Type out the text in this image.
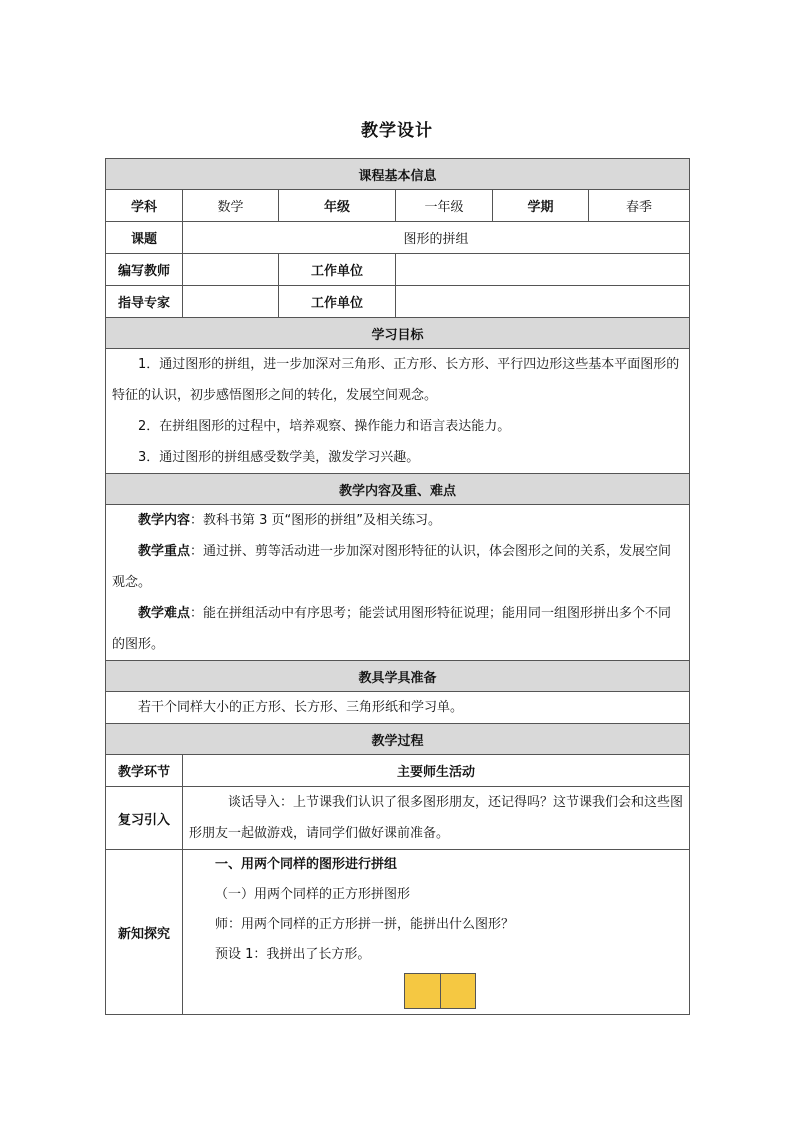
教学设计
课程基本信息					
学科	数学	年级	一年级	学期	春季
课题	图形的拼组				
编写教师		工作单位			
指导专家		工作单位			
学习目标					

1．通过图形的拼组，进一步加深对三角形、正方形、长方形、平行四边形这些基本平面图形的特征的认识，初步感悟图形之间的转化，发展空间观念。

2．在拼组图形的过程中，培养观察、操作能力和语言表达能力。

3．通过图形的拼组感受数学美，激发学习兴趣。					

教学内容及重、难点					

教学内容：教科书第 3 页“图形的拼组”及相关练习。

教学重点：通过拼、剪等活动进一步加深对图形特征的认识，体会图形之间的关系，发展空间观念。

教学难点：能在拼组活动中有序思考；能尝试用图形特征说理；能用同一组图形拼出多个不同的图形。					

教具学具准备					

若干个同样大小的正方形、长方形、三角形纸和学习单。					

教学过程					
教学环节	主要师生活动				
复习引入	谈话导入：上节课我们认识了很多图形朋友，还记得吗？这节课我们会和这些图形朋友一起做游戏，请同学们做好课前准备。				

新知探究	一、用两个同样的图形进行拼组

（一）用两个同样的正方形拼图形

师：用两个同样的正方形拼一拼，能拼出什么图形？

预设 1：我拼出了长方形。				
